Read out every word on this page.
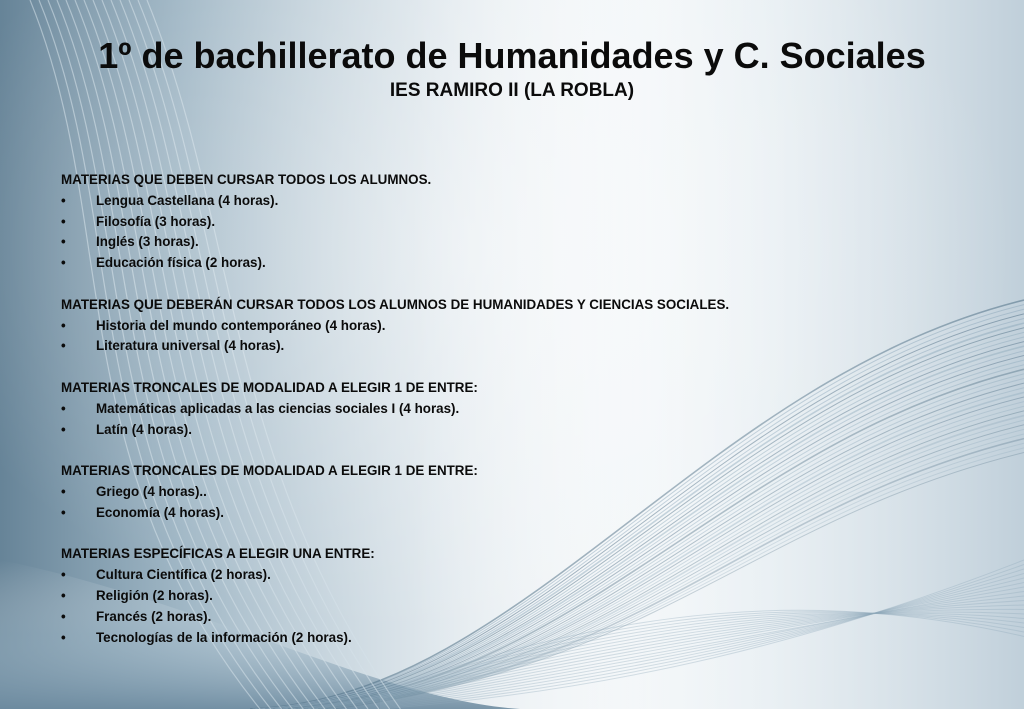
1º de bachillerato de Humanidades y C. Sociales
IES RAMIRO II (LA ROBLA)
MATERIAS QUE DEBEN CURSAR TODOS LOS ALUMNOS.
• Lengua Castellana (4 horas).
• Filosofía (3 horas).
• Inglés (3 horas).
• Educación física (2 horas).
MATERIAS QUE DEBERÁN CURSAR TODOS LOS ALUMNOS DE HUMANIDADES Y CIENCIAS SOCIALES.
• Historia del mundo contemporáneo (4 horas).
• Literatura universal (4 horas).
MATERIAS TRONCALES DE MODALIDAD A ELEGIR 1 DE ENTRE:
• Matemáticas aplicadas a las ciencias sociales I (4 horas).
• Latín (4 horas).
MATERIAS TRONCALES DE MODALIDAD A ELEGIR 1 DE ENTRE:
• Griego (4 horas)..
• Economía (4 horas).
MATERIAS ESPECÍFICAS A ELEGIR UNA ENTRE:
• Cultura Científica (2 horas).
• Religión (2 horas).
• Francés (2 horas).
• Tecnologías de la información (2 horas).
